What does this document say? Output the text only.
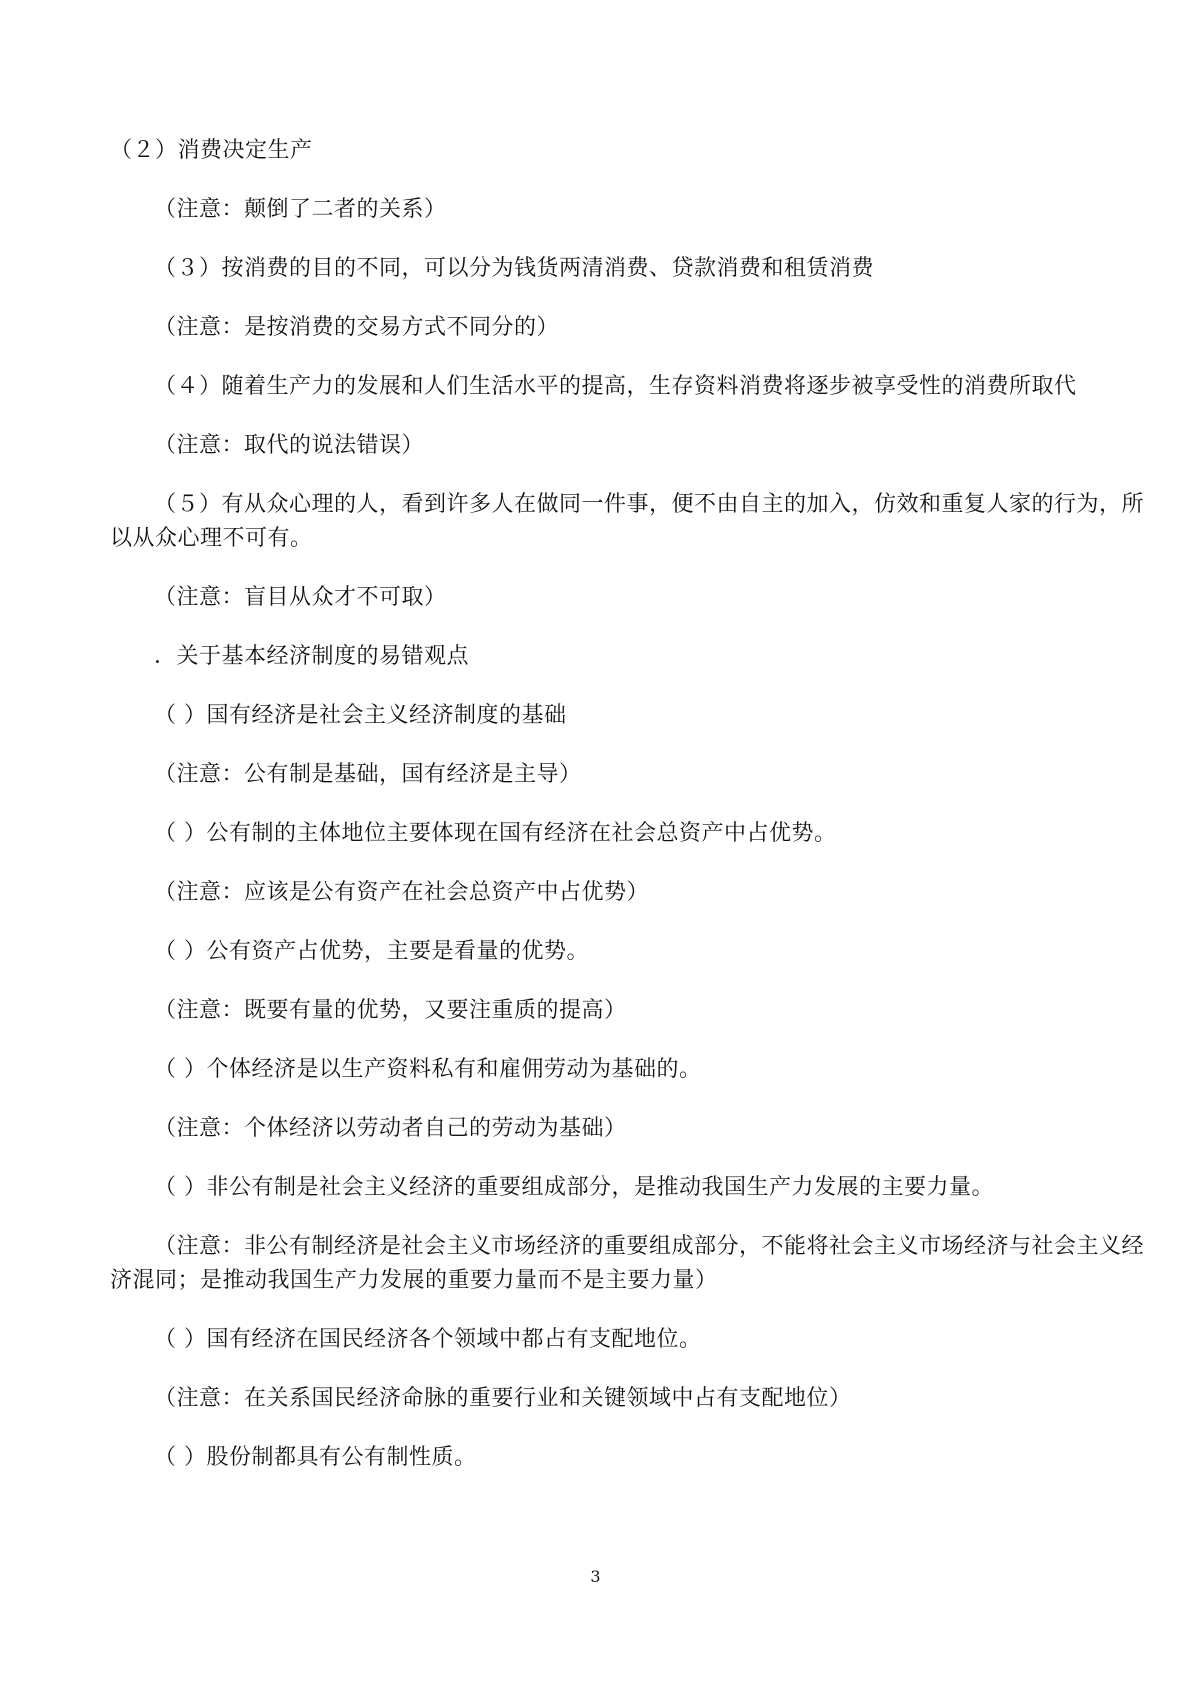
（２）消费决定生产

（注意：颠倒了二者的关系）

（３）按消费的目的不同，可以分为钱货两清消费、贷款消费和租赁消费

（注意：是按消费的交易方式不同分的）

（４）随着生产力的发展和人们生活水平的提高，生存资料消费将逐步被享受性的消费所取代

（注意：取代的说法错误）

（５）有从众心理的人，看到许多人在做同一件事，便不由自主的加入，仿效和重复人家的行为，所以从众心理不可有。

（注意：盲目从众才不可取）

．关于基本经济制度的易错观点

（ ）国有经济是社会主义经济制度的基础

（注意：公有制是基础，国有经济是主导）

（ ）公有制的主体地位主要体现在国有经济在社会总资产中占优势。

（注意：应该是公有资产在社会总资产中占优势）

（ ）公有资产占优势，主要是看量的优势。

（注意：既要有量的优势，又要注重质的提高）

（ ）个体经济是以生产资料私有和雇佣劳动为基础的。

（注意：个体经济以劳动者自己的劳动为基础）

（ ）非公有制是社会主义经济的重要组成部分，是推动我国生产力发展的主要力量。

（注意：非公有制经济是社会主义市场经济的重要组成部分，不能将社会主义市场经济与社会主义经济混同；是推动我国生产力发展的重要力量而不是主要力量）

（ ）国有经济在国民经济各个领域中都占有支配地位。

（注意：在关系国民经济命脉的重要行业和关键领域中占有支配地位）

（ ）股份制都具有公有制性质。

3
